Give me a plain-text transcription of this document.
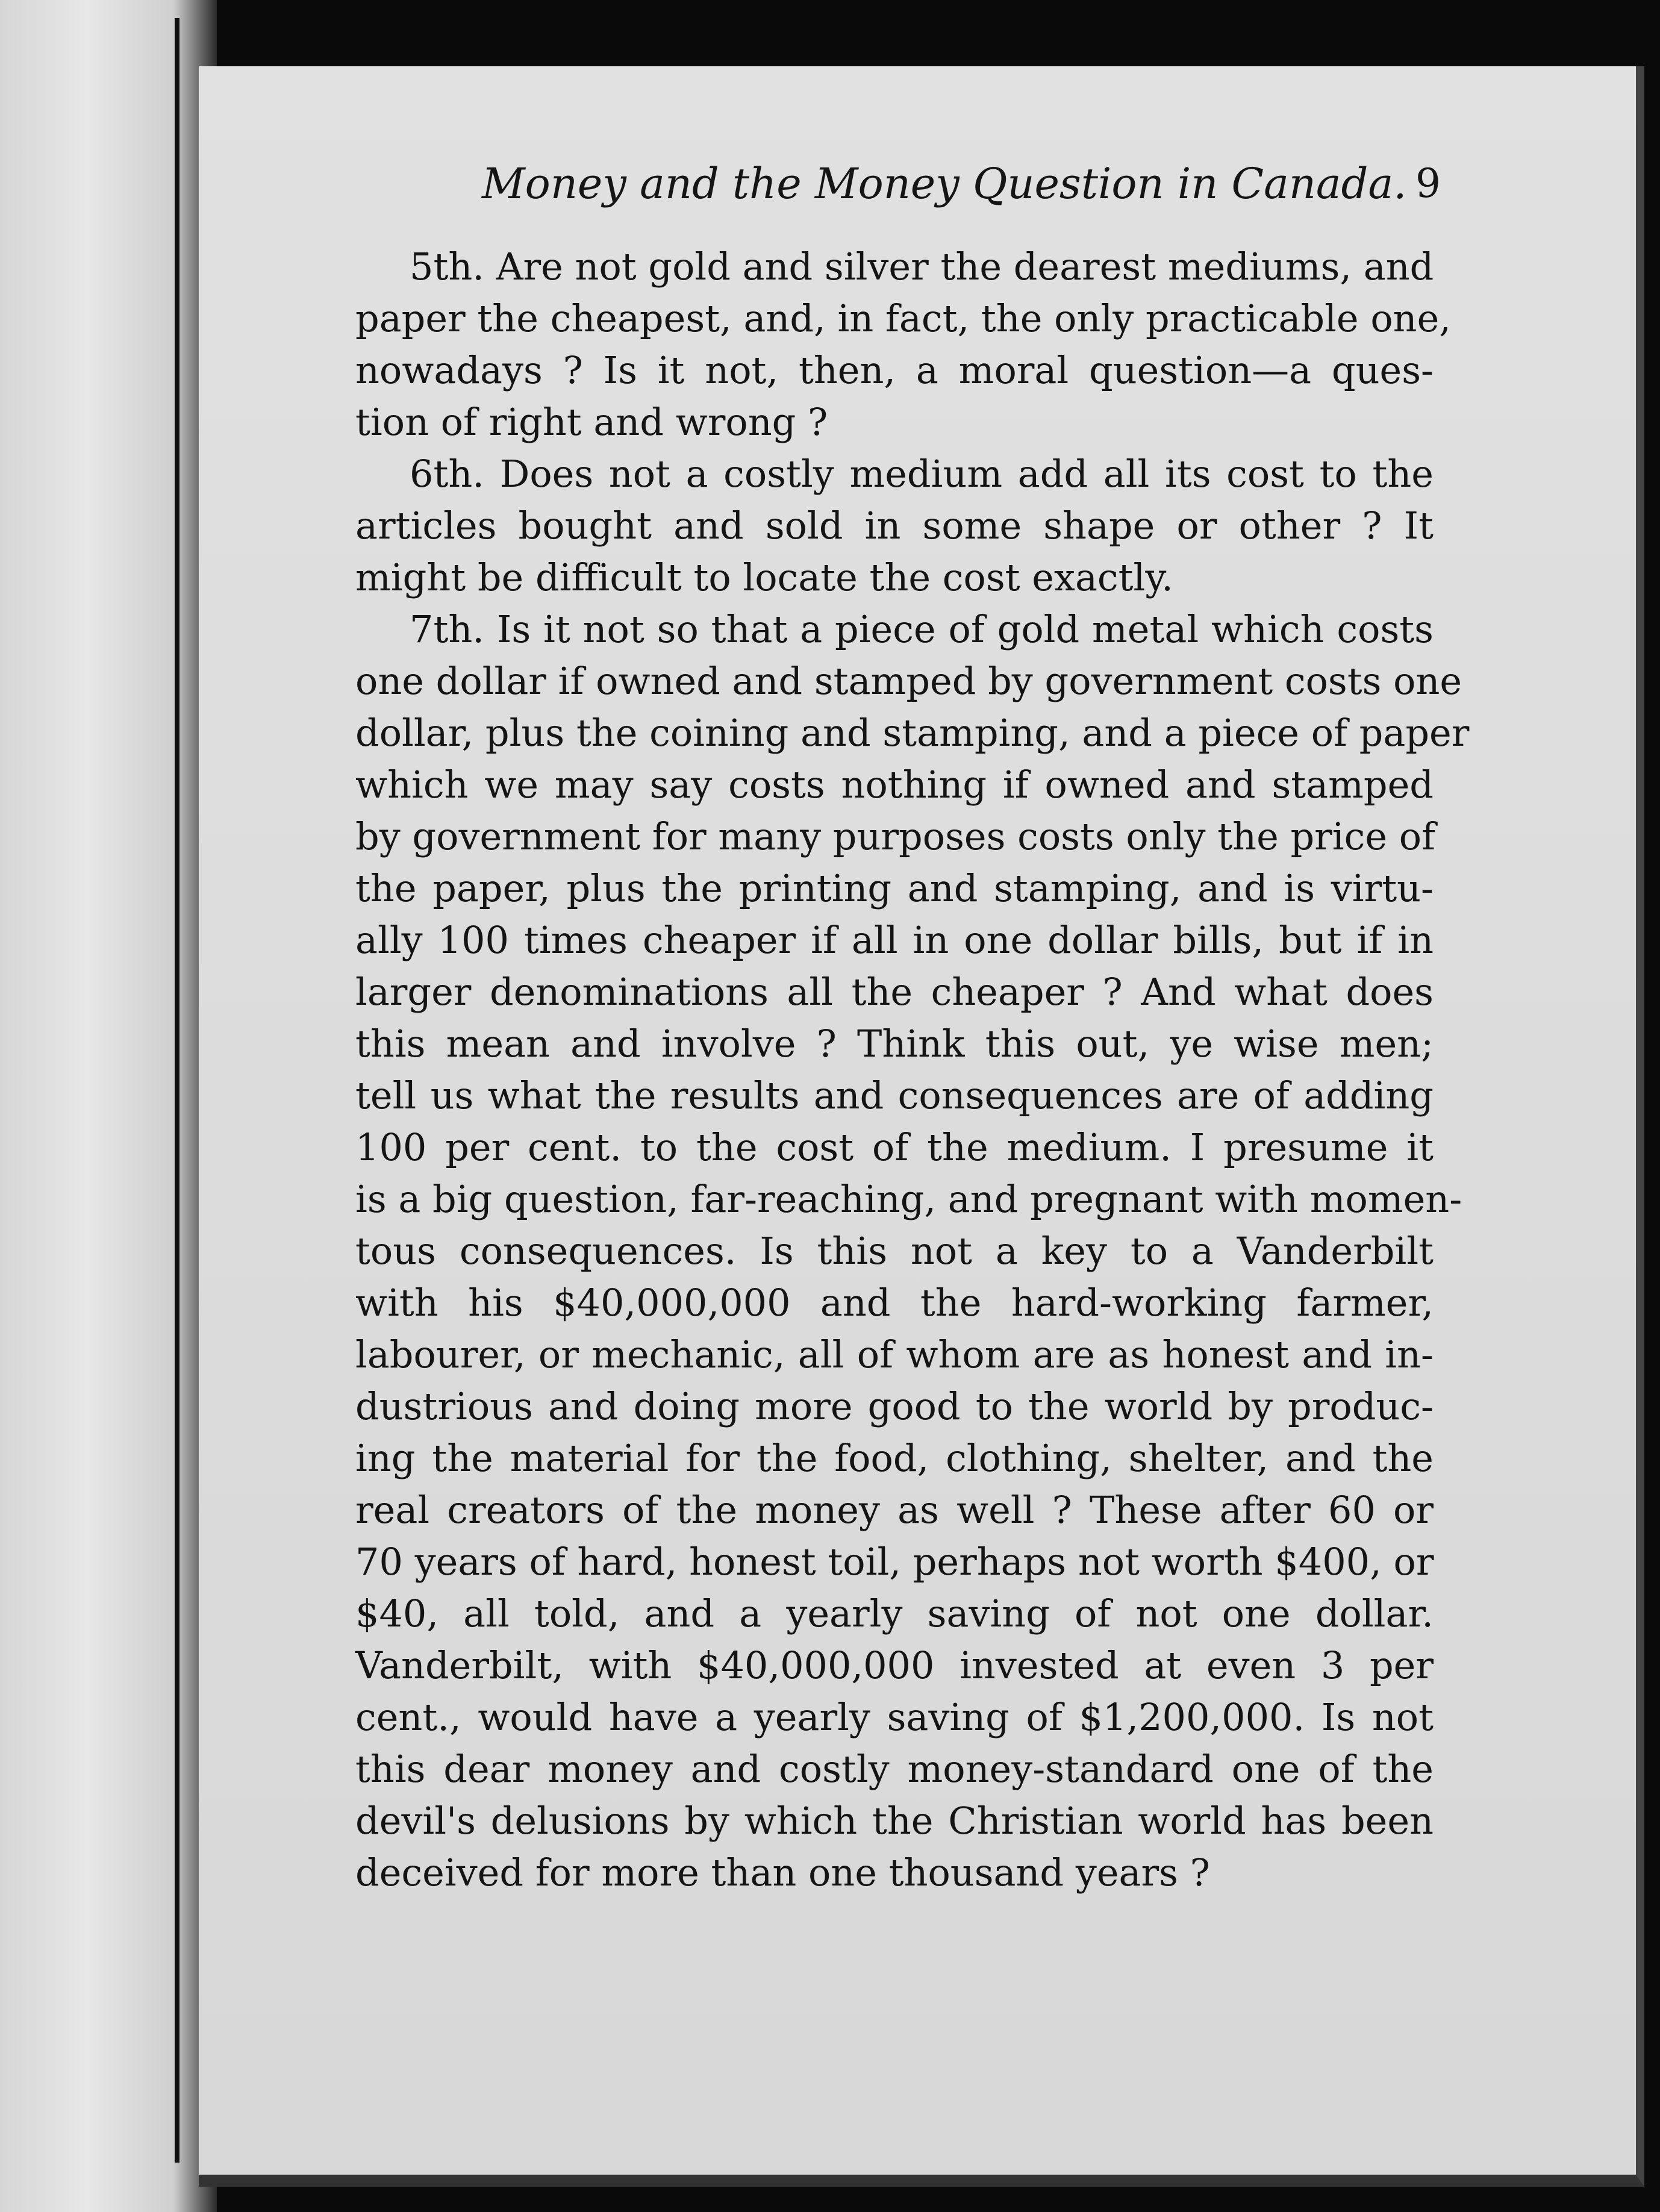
Money and the Money Question in Canada. 9
5th. Are not gold and silver the dearest mediums, and
paper the cheapest, and, in fact, the only practicable one,
nowadays ? Is it not, then, a moral question—a ques-
tion of right and wrong ?
6th. Does not a costly medium add all its cost to the
articles bought and sold in some shape or other ? It
might be difficult to locate the cost exactly.
7th. Is it not so that a piece of gold metal which costs
one dollar if owned and stamped by government costs one
dollar, plus the coining and stamping, and a piece of paper
which we may say costs nothing if owned and stamped
by government for many purposes costs only the price of
the paper, plus the printing and stamping, and is virtu-
ally 100 times cheaper if all in one dollar bills, but if in
larger denominations all the cheaper ? And what does
this mean and involve ? Think this out, ye wise men;
tell us what the results and consequences are of adding
100 per cent. to the cost of the medium. I presume it
is a big question, far-reaching, and pregnant with momen-
tous consequences. Is this not a key to a Vanderbilt
with his $40,000,000 and the hard-working farmer,
labourer, or mechanic, all of whom are as honest and in-
dustrious and doing more good to the world by produc-
ing the material for the food, clothing, shelter, and the
real creators of the money as well ? These after 60 or
70 years of hard, honest toil, perhaps not worth $400, or
$40, all told, and a yearly saving of not one dollar.
Vanderbilt, with $40,000,000 invested at even 3 per
cent., would have a yearly saving of $1,200,000. Is not
this dear money and costly money-standard one of the
devil's delusions by which the Christian world has been
deceived for more than one thousand years ?
